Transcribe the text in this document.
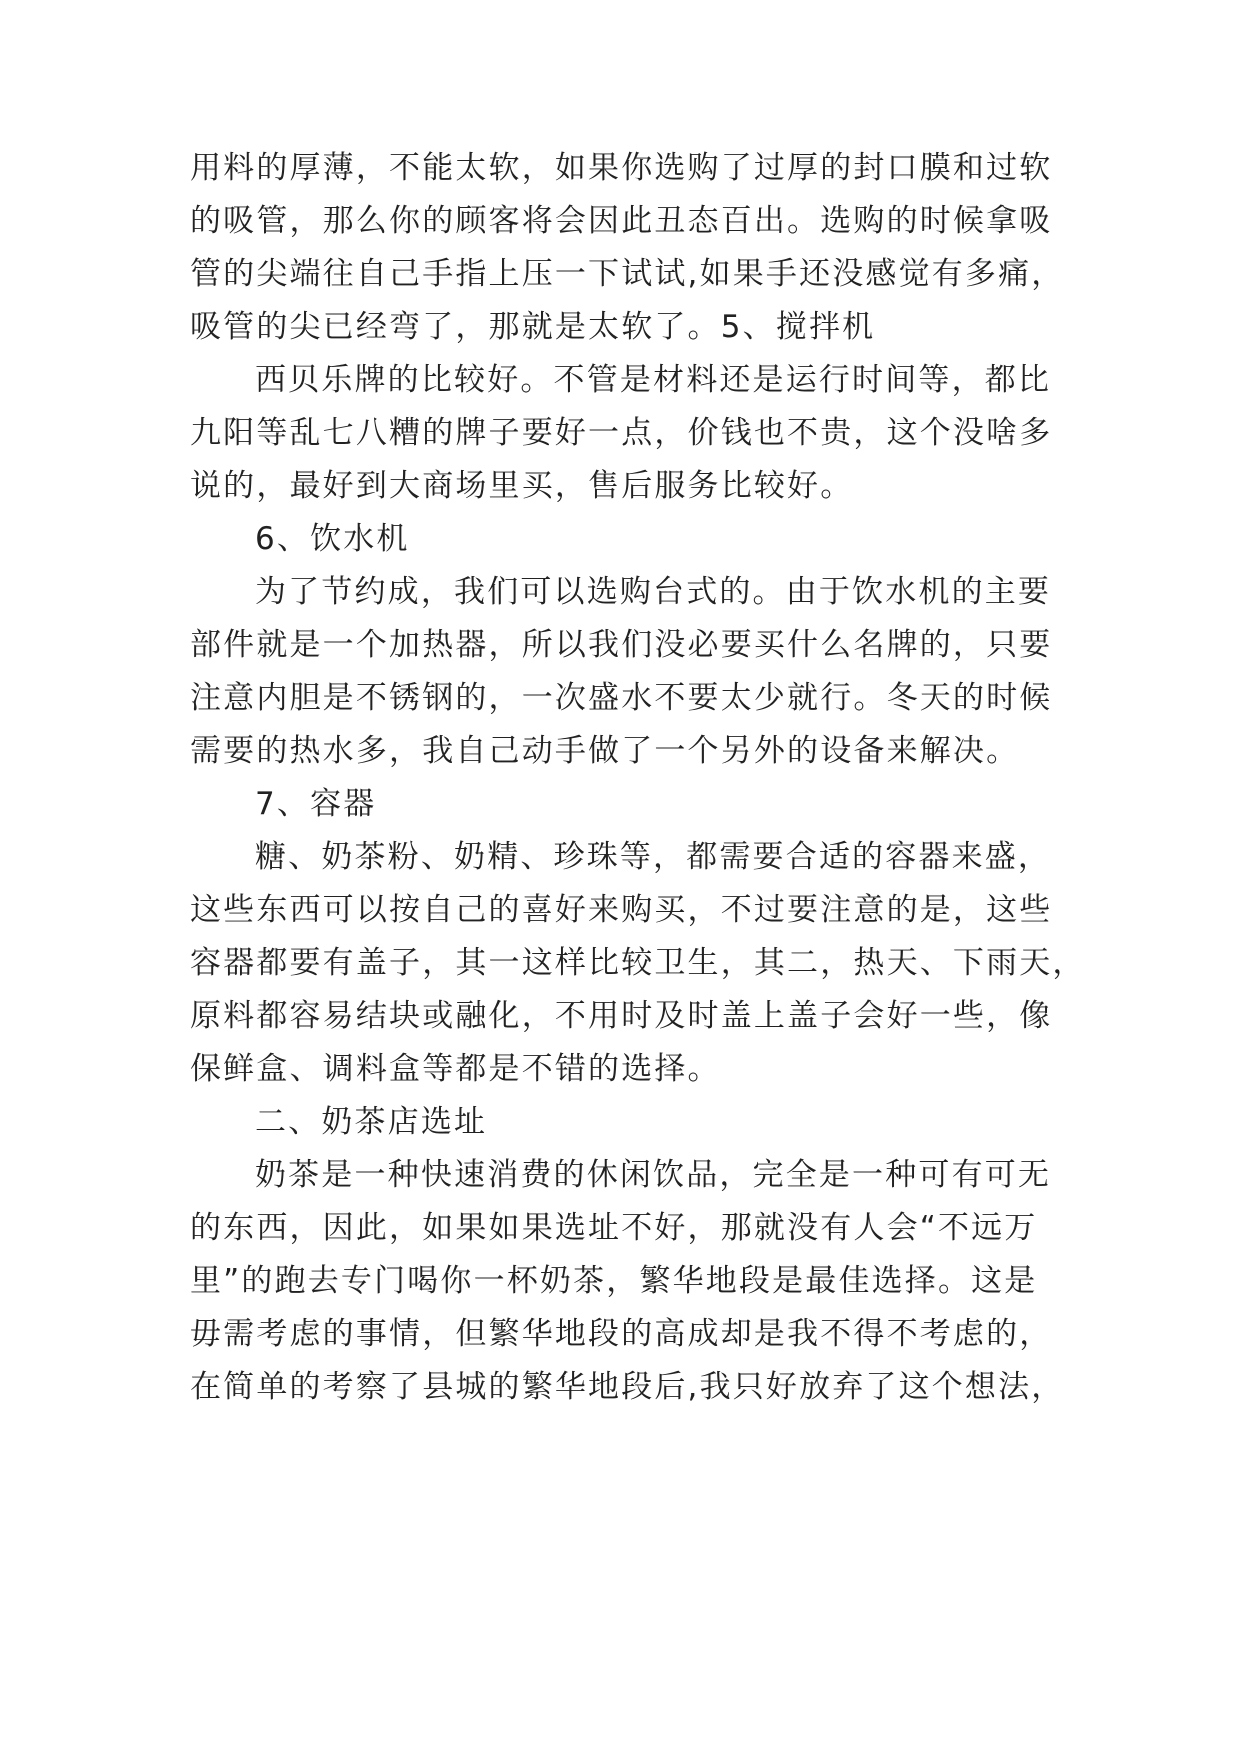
用料的厚薄，不能太软，如果你选购了过厚的封口膜和过软
的吸管，那么你的顾客将会因此丑态百出。选购的时候拿吸
管的尖端往自己手指上压一下试试,如果手还没感觉有多痛，
吸管的尖已经弯了，那就是太软了。5、搅拌机
西贝乐牌的比较好。不管是材料还是运行时间等，都比
九阳等乱七八糟的牌子要好一点，价钱也不贵，这个没啥多
说的，最好到大商场里买，售后服务比较好。
6、饮水机
为了节约成，我们可以选购台式的。由于饮水机的主要
部件就是一个加热器，所以我们没必要买什么名牌的，只要
注意内胆是不锈钢的，一次盛水不要太少就行。冬天的时候
需要的热水多，我自己动手做了一个另外的设备来解决。
7、容器
糖、奶茶粉、奶精、珍珠等，都需要合适的容器来盛，
这些东西可以按自己的喜好来购买，不过要注意的是，这些
容器都要有盖子，其一这样比较卫生，其二，热天、下雨天，
原料都容易结块或融化，不用时及时盖上盖子会好一些，像
保鲜盒、调料盒等都是不错的选择。
二、奶茶店选址
奶茶是一种快速消费的休闲饮品，完全是一种可有可无
的东西，因此，如果如果选址不好，那就没有人会“不远万
里”的跑去专门喝你一杯奶茶，繁华地段是最佳选择。这是
毋需考虑的事情，但繁华地段的高成却是我不得不考虑的，
在简单的考察了县城的繁华地段后,我只好放弃了这个想法，
